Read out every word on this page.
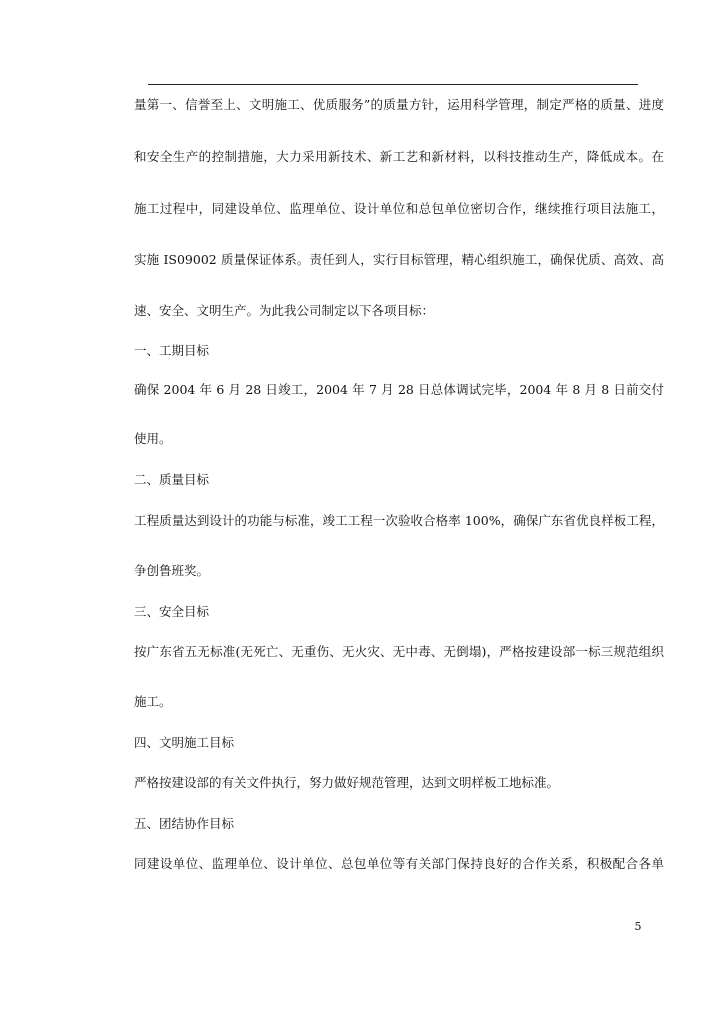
量第一、信誉至上、文明施工、优质服务”的质量方针，运用科学管理，制定严格的质量、进度
和安全生产的控制措施，大力采用新技术、新工艺和新材料，以科技推动生产，降低成本。在
施工过程中，同建设单位、监理单位、设计单位和总包单位密切合作，继续推行项目法施工，
实施 IS09002 质量保证体系。责任到人，实行目标管理，精心组织施工，确保优质、高效、高
速、安全、文明生产。为此我公司制定以下各项目标：
一、工期目标
确保 2004 年 6 月 28 日竣工，2004 年 7 月 28 日总体调试完毕，2004 年 8 月 8 日前交付
使用。
二、质量目标
工程质量达到设计的功能与标准，竣工工程一次验收合格率 100%，确保广东省优良样板工程，
争创鲁班奖。
三、安全目标
按广东省五无标准(无死亡、无重伤、无火灾、无中毒、无倒塌)，严格按建设部一标三规范组织
施工。
四、文明施工目标
严格按建设部的有关文件执行，努力做好规范管理，达到文明样板工地标准。
五、团结协作目标
同建设单位、监理单位、设计单位、总包单位等有关部门保持良好的合作关系，积极配合各单
5
